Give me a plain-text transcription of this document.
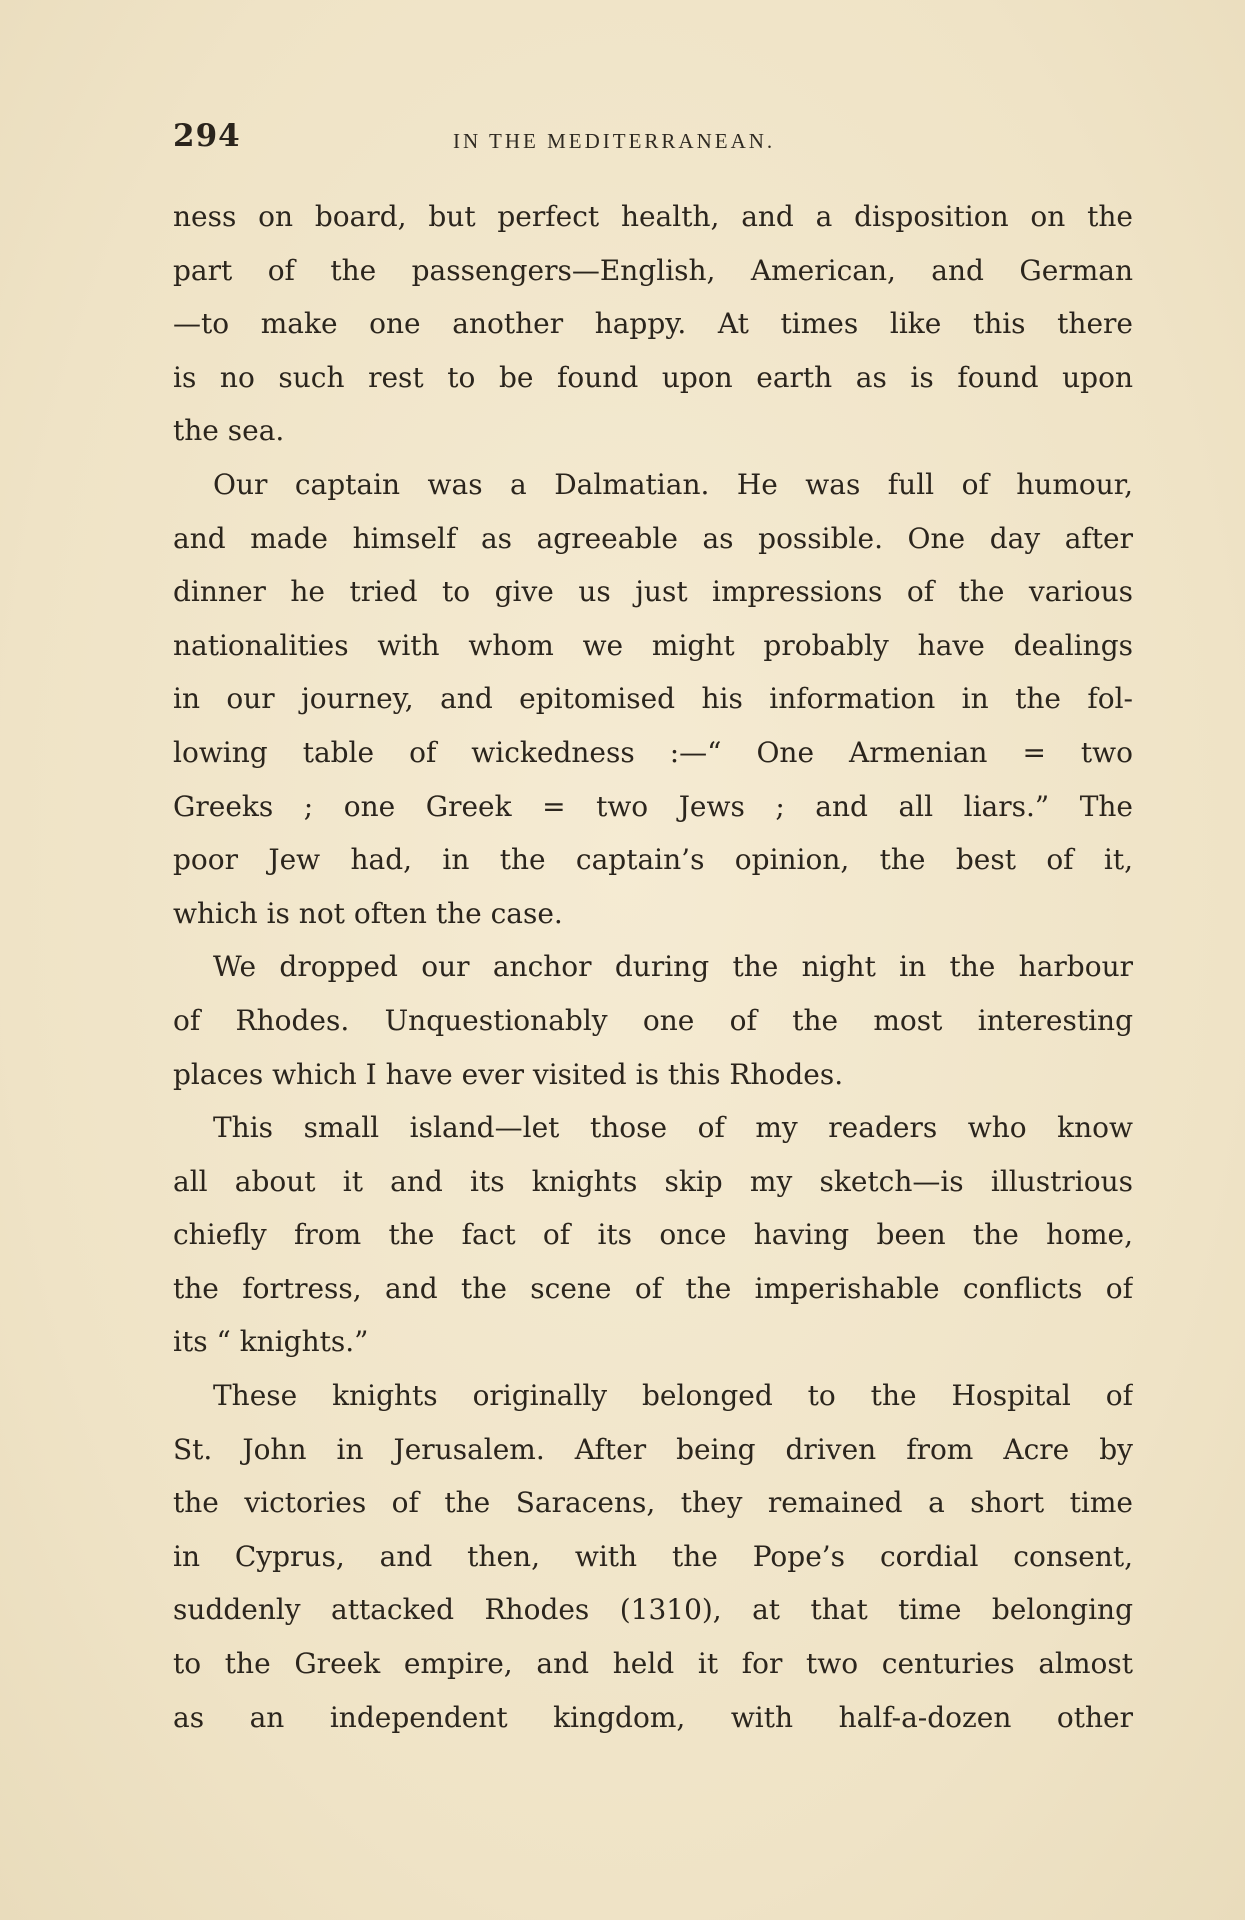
294	IN THE MEDITERRANEAN.
ness on board, but perfect health, and a disposition on the
part of the passengers—English, American, and German
—to make one another happy. At times like this there
is no such rest to be found upon earth as is found upon
the sea.
Our captain was a Dalmatian. He was full of humour,
and made himself as agreeable as possible. One day after
dinner he tried to give us just impressions of the various
nationalities with whom we might probably have dealings
in our journey, and epitomised his information in the fol-
lowing table of wickedness :—“ One Armenian = two
Greeks ; one Greek = two Jews ; and all liars.” The
poor Jew had, in the captain’s opinion, the best of it,
which is not often the case.
We dropped our anchor during the night in the harbour
of Rhodes. Unquestionably one of the most interesting
places which I have ever visited is this Rhodes.
This small island—let those of my readers who know
all about it and its knights skip my sketch—is illustrious
chiefly from the fact of its once having been the home,
the fortress, and the scene of the imperishable conflicts of
its “ knights.”
These knights originally belonged to the Hospital of
St. John in Jerusalem. After being driven from Acre by
the victories of the Saracens, they remained a short time
in Cyprus, and then, with the Pope’s cordial consent,
suddenly attacked Rhodes (1310), at that time belonging
to the Greek empire, and held it for two centuries almost
as an independent kingdom, with half-a-dozen other
